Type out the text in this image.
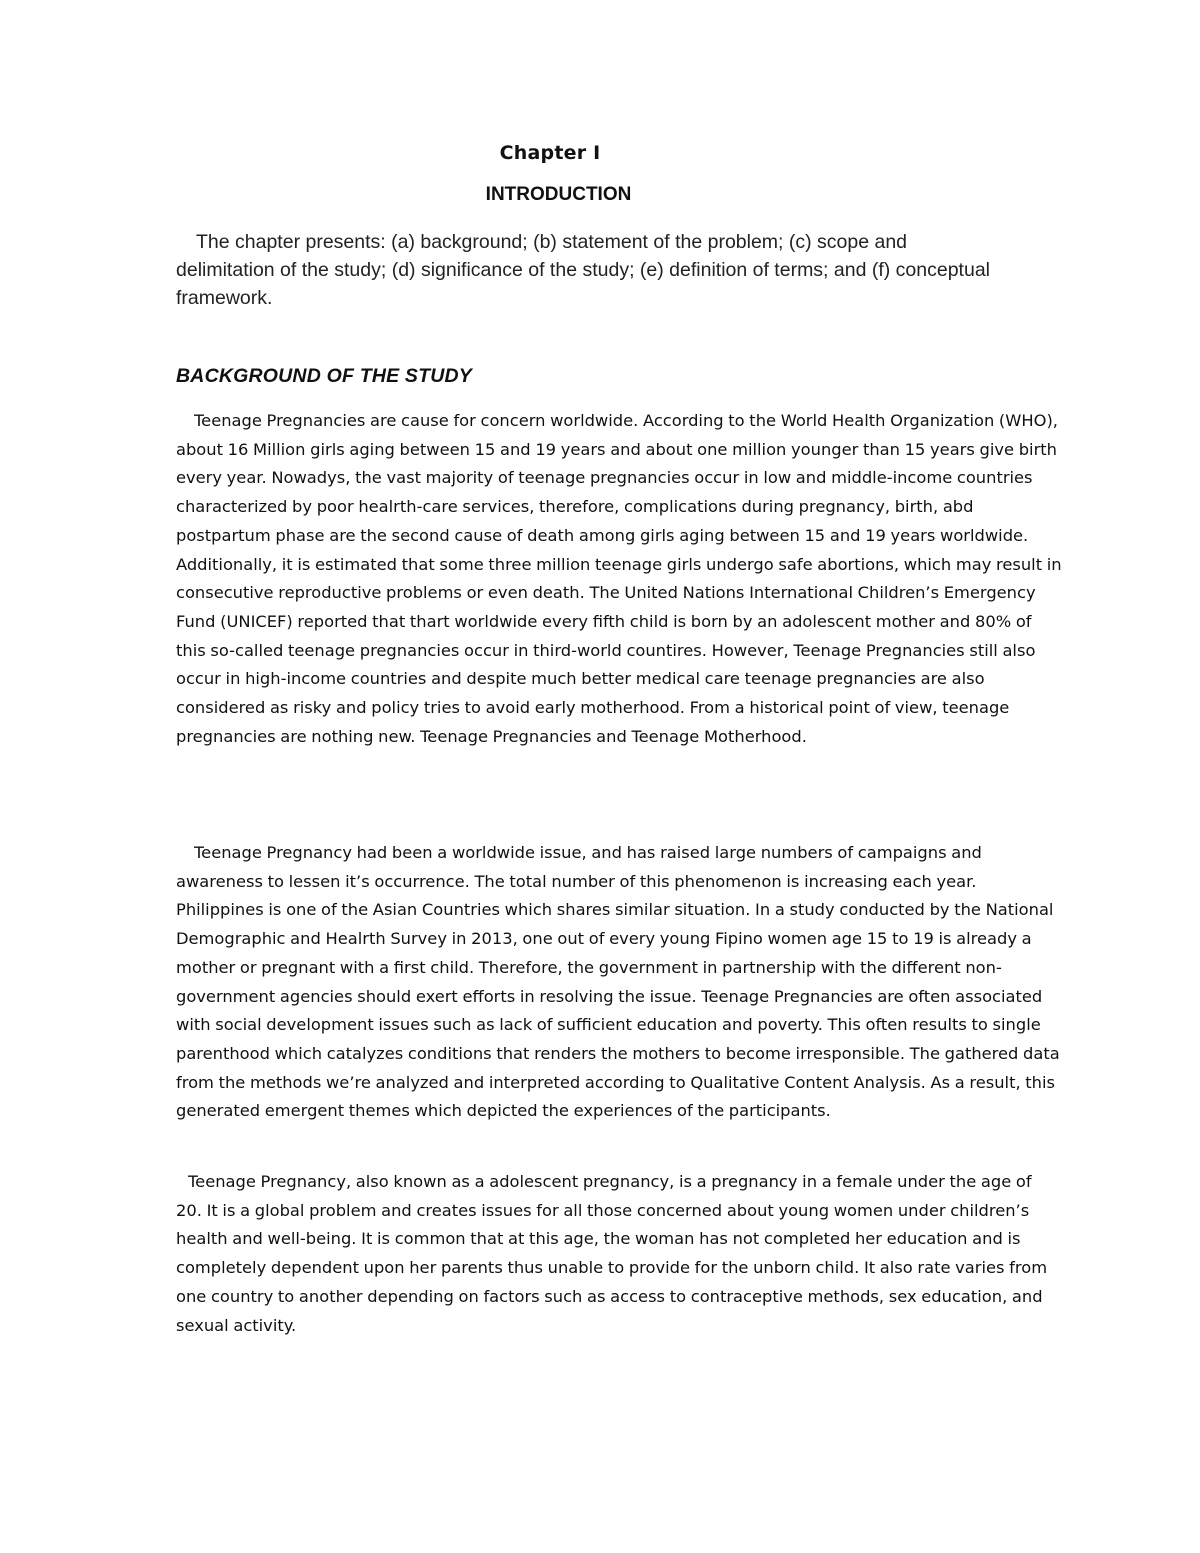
Chapter I
INTRODUCTION

The chapter presents: (a) background; (b) statement of the problem; (c) scope and delimitation of the study; (d) significance of the study; (e) definition of terms; and (f) conceptual framework.

BACKGROUND OF THE STUDY

Teenage Pregnancies are cause for concern worldwide. According to the World Health Organization (WHO), about 16 Million girls aging between 15 and 19 years and about one million younger than 15 years give birth every year. Nowadys, the vast majority of teenage pregnancies occur in low and middle-income countries characterized by poor healrth-care services, therefore, complications during pregnancy, birth, abd postpartum phase are the second cause of death among girls aging between 15 and 19 years worldwide. Additionally, it is estimated that some three million teenage girls undergo safe abortions, which may result in consecutive reproductive problems or even death. The United Nations International Children’s Emergency Fund (UNICEF) reported that thart worldwide every fifth child is born by an adolescent mother and 80% of this so-called teenage pregnancies occur in third-world countires. However, Teenage Pregnancies still also occur in high-income countries and despite much better medical care teenage pregnancies are also considered as risky and policy tries to avoid early motherhood. From a historical point of view, teenage pregnancies are nothing new. Teenage Pregnancies and Teenage Motherhood.

Teenage Pregnancy had been a worldwide issue, and has raised large numbers of campaigns and awareness to lessen it’s occurrence. The total number of this phenomenon is increasing each year. Philippines is one of the Asian Countries which shares similar situation. In a study conducted by the National Demographic and Healrth Survey in 2013, one out of every young Fipino women age 15 to 19 is already a mother or pregnant with a first child. Therefore, the government in partnership with the different non-government agencies should exert efforts in resolving the issue. Teenage Pregnancies are often associated with social development issues such as lack of sufficient education and poverty. This often results to single parenthood which catalyzes conditions that renders the mothers to become irresponsible. The gathered data from the methods we’re analyzed and interpreted according to Qualitative Content Analysis. As a result, this generated emergent themes which depicted the experiences of the participants.

Teenage Pregnancy, also known as a adolescent pregnancy, is a pregnancy in a female under the age of 20. It is a global problem and creates issues for all those concerned about young women under children’s health and well-being. It is common that at this age, the woman has not completed her education and is completely dependent upon her parents thus unable to provide for the unborn child. It also rate varies from one country to another depending on factors such as access to contraceptive methods, sex education, and sexual activity.
